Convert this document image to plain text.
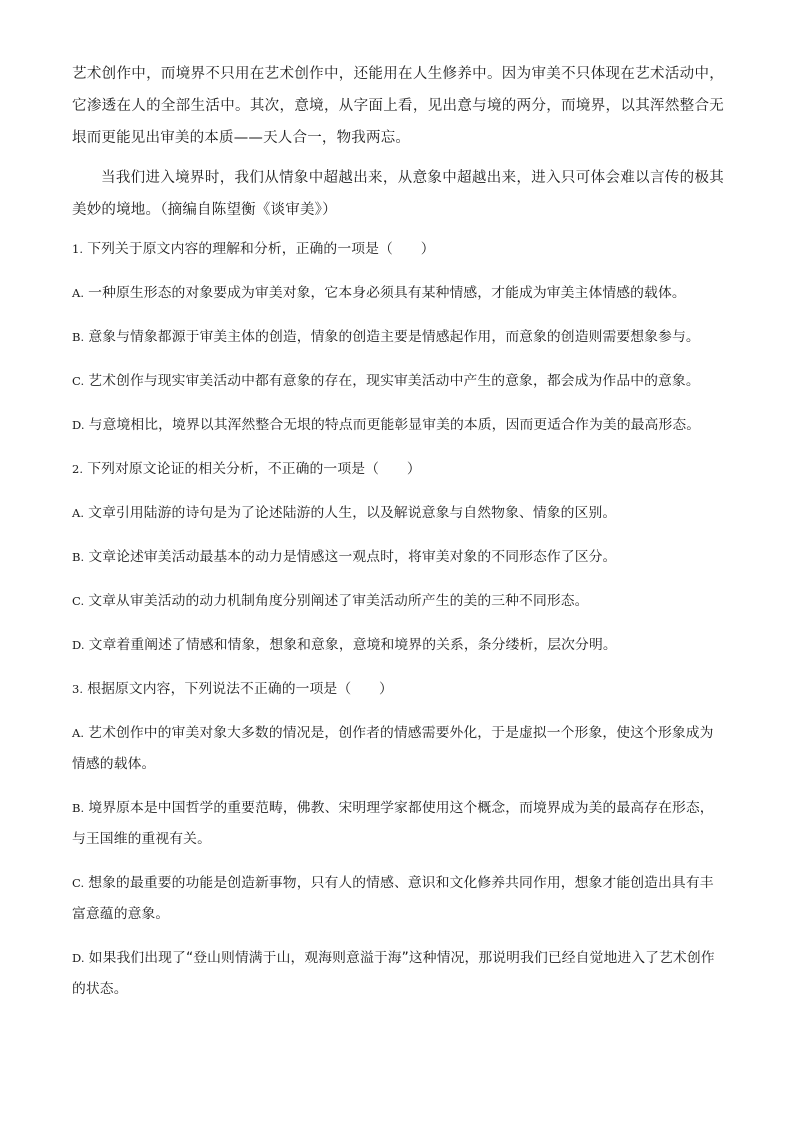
艺术创作中，而境界不只用在艺术创作中，还能用在人生修养中。因为审美不只体现在艺术活动中，它渗透在人的全部生活中。其次，意境，从字面上看，见出意与境的两分，而境界，以其浑然整合无垠而更能见出审美的本质——天人合一，物我两忘。

当我们进入境界时，我们从情象中超越出来，从意象中超越出来，进入只可体会难以言传的极其美妙的境地。（摘编自陈望衡《谈审美》）

1. 下列关于原文内容的理解和分析，正确的一项是（　　）

A. 一种原生形态的对象要成为审美对象，它本身必须具有某种情感，才能成为审美主体情感的载体。

B. 意象与情象都源于审美主体的创造，情象的创造主要是情感起作用，而意象的创造则需要想象参与。

C. 艺术创作与现实审美活动中都有意象的存在，现实审美活动中产生的意象，都会成为作品中的意象。

D. 与意境相比，境界以其浑然整合无垠的特点而更能彰显审美的本质，因而更适合作为美的最高形态。

2. 下列对原文论证的相关分析，不正确的一项是（　　）

A. 文章引用陆游的诗句是为了论述陆游的人生，以及解说意象与自然物象、情象的区别。

B. 文章论述审美活动最基本的动力是情感这一观点时，将审美对象的不同形态作了区分。

C. 文章从审美活动的动力机制角度分别阐述了审美活动所产生的美的三种不同形态。

D. 文章着重阐述了情感和情象，想象和意象，意境和境界的关系，条分缕析，层次分明。

3. 根据原文内容，下列说法不正确的一项是（　　）

A. 艺术创作中的审美对象大多数的情况是，创作者的情感需要外化，于是虚拟一个形象，使这个形象成为情感的载体。

B. 境界原本是中国哲学的重要范畴，佛教、宋明理学家都使用这个概念，而境界成为美的最高存在形态，与王国维的重视有关。

C. 想象的最重要的功能是创造新事物，只有人的情感、意识和文化修养共同作用，想象才能创造出具有丰富意蕴的意象。

D. 如果我们出现了“登山则情满于山，观海则意溢于海”这种情况，那说明我们已经自觉地进入了艺术创作的状态。
